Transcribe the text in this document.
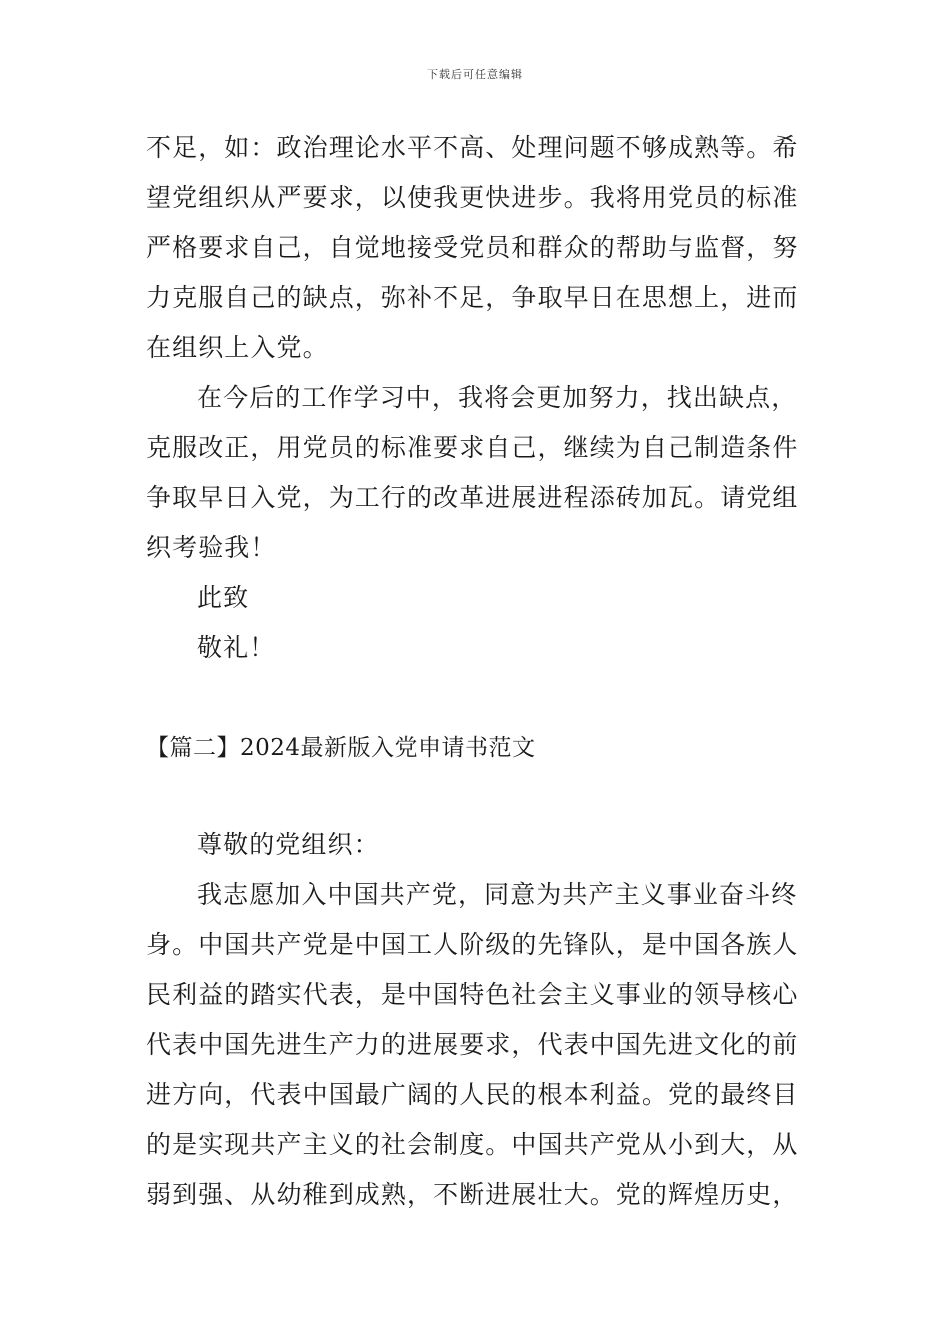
下载后可任意编辑
不足，如：政治理论水平不高、处理问题不够成熟等。希
望党组织从严要求，以使我更快进步。我将用党员的标准
严格要求自己，自觉地接受党员和群众的帮助与监督，努
力克服自己的缺点，弥补不足，争取早日在思想上，进而
在组织上入党。
在今后的工作学习中，我将会更加努力，找出缺点，
克服改正，用党员的标准要求自己，继续为自己制造条件
争取早日入党，为工行的改革进展进程添砖加瓦。请党组
织考验我！
此致
敬礼！
【篇二】2024最新版入党申请书范文
尊敬的党组织：
我志愿加入中国共产党，同意为共产主义事业奋斗终
身。中国共产党是中国工人阶级的先锋队，是中国各族人
民利益的踏实代表，是中国特色社会主义事业的领导核心
代表中国先进生产力的进展要求，代表中国先进文化的前
进方向，代表中国最广阔的人民的根本利益。党的最终目
的是实现共产主义的社会制度。中国共产党从小到大，从
弱到强、从幼稚到成熟，不断进展壮大。党的辉煌历史，
